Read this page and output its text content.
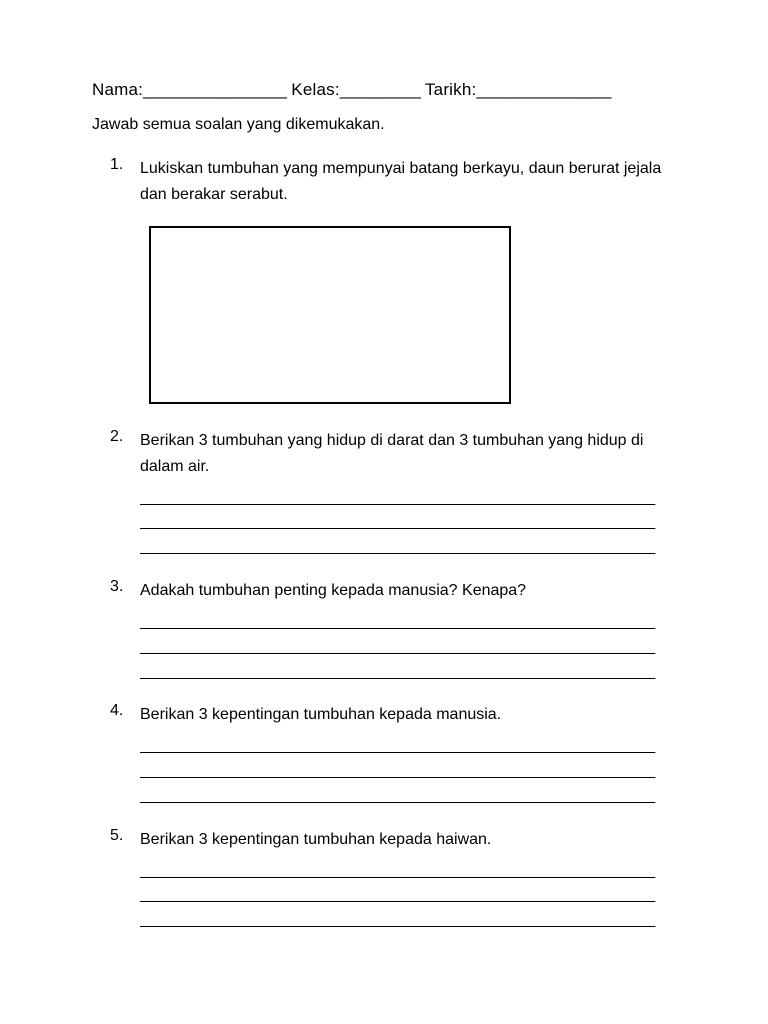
Nama:________________ Kelas:_________ Tarikh:_______________
Jawab semua soalan yang dikemukakan.
1. Lukiskan tumbuhan yang mempunyai batang berkayu, daun berurat jejala dan berakar serabut.

2. Berikan 3 tumbuhan yang hidup di darat dan 3 tumbuhan yang hidup di dalam air.

______________________________________________________________
______________________________________________________________
______________________________________________________________
3. Adakah tumbuhan penting kepada manusia? Kenapa?

______________________________________________________________
______________________________________________________________
______________________________________________________________
4. Berikan 3 kepentingan tumbuhan kepada manusia.

______________________________________________________________
______________________________________________________________
______________________________________________________________
5. Berikan 3 kepentingan tumbuhan kepada haiwan.

______________________________________________________________
______________________________________________________________
______________________________________________________________
